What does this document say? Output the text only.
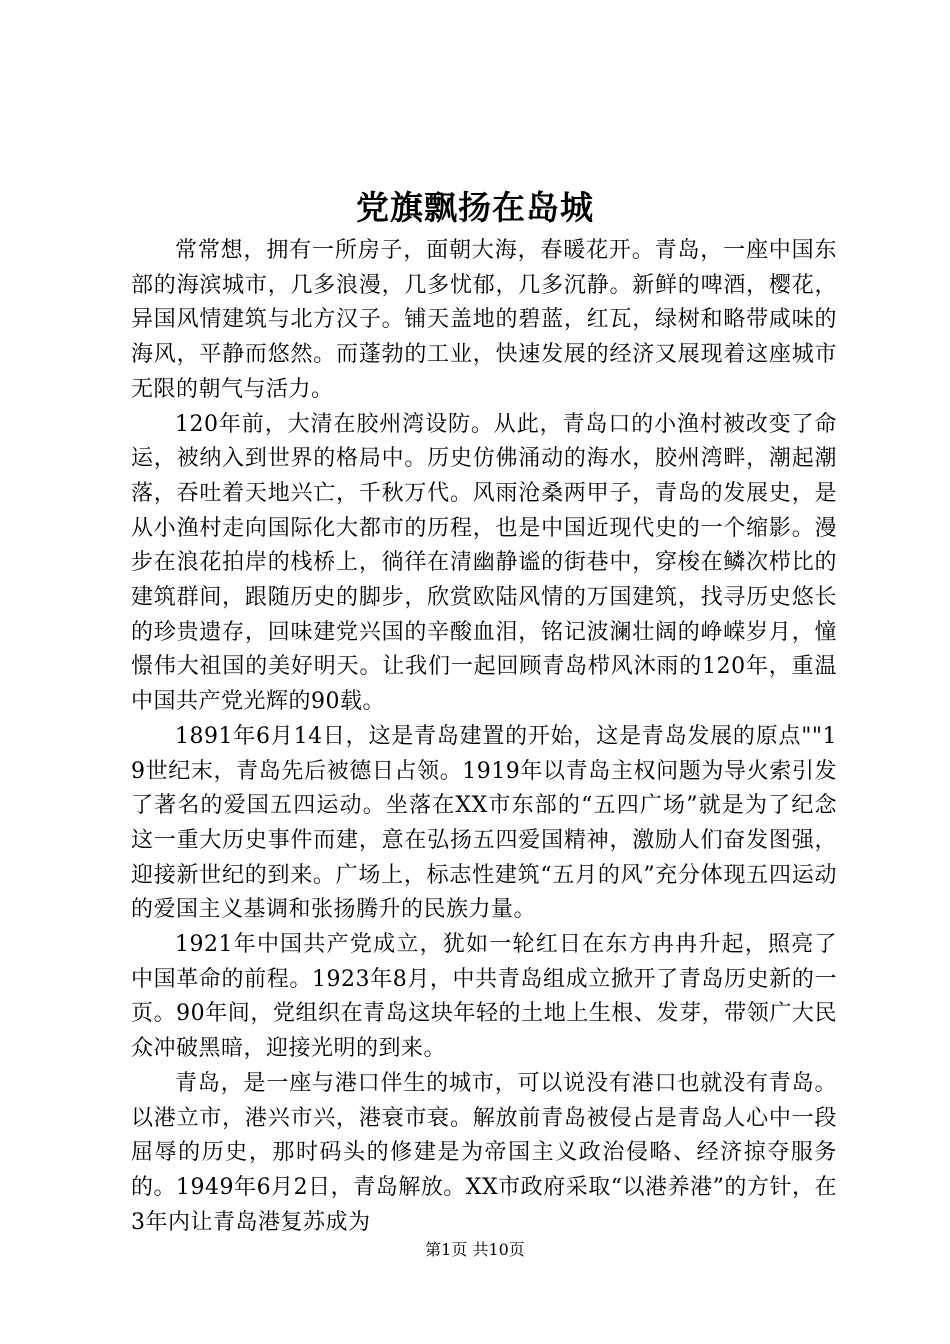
党旗飘扬在岛城

常常想，拥有一所房子，面朝大海，春暖花开。青岛，一座中国东部的海滨城市，几多浪漫，几多忧郁，几多沉静。新鲜的啤酒，樱花，异国风情建筑与北方汉子。铺天盖地的碧蓝，红瓦，绿树和略带咸味的海风，平静而悠然。而蓬勃的工业，快速发展的经济又展现着这座城市无限的朝气与活力。

120年前，大清在胶州湾设防。从此，青岛口的小渔村被改变了命运，被纳入到世界的格局中。历史仿佛涌动的海水，胶州湾畔，潮起潮落，吞吐着天地兴亡，千秋万代。风雨沧桑两甲子，青岛的发展史，是从小渔村走向国际化大都市的历程，也是中国近现代史的一个缩影。漫步在浪花拍岸的栈桥上，徜徉在清幽静谧的街巷中，穿梭在鳞次栉比的建筑群间，跟随历史的脚步，欣赏欧陆风情的万国建筑，找寻历史悠长的珍贵遗存，回味建党兴国的辛酸血泪，铭记波澜壮阔的峥嵘岁月，憧憬伟大祖国的美好明天。让我们一起回顾青岛栉风沐雨的120年，重温中国共产党光辉的90载。

1891年6月14日，这是青岛建置的开始，这是青岛发展的原点""19世纪末，青岛先后被德日占领。1919年以青岛主权问题为导火索引发了著名的爱国五四运动。坐落在XX市东部的“五四广场”就是为了纪念这一重大历史事件而建，意在弘扬五四爱国精神，激励人们奋发图强，迎接新世纪的到来。广场上，标志性建筑“五月的风”充分体现五四运动的爱国主义基调和张扬腾升的民族力量。

1921年中国共产党成立，犹如一轮红日在东方冉冉升起，照亮了中国革命的前程。1923年8月，中共青岛组成立掀开了青岛历史新的一页。90年间，党组织在青岛这块年轻的土地上生根、发芽，带领广大民众冲破黑暗，迎接光明的到来。

青岛，是一座与港口伴生的城市，可以说没有港口也就没有青岛。以港立市，港兴市兴，港衰市衰。解放前青岛被侵占是青岛人心中一段屈辱的历史，那时码头的修建是为帝国主义政治侵略、经济掠夺服务的。1949年6月2日，青岛解放。XX市政府采取“以港养港”的方针，在3年内让青岛港复苏成为

第1页 共10页
